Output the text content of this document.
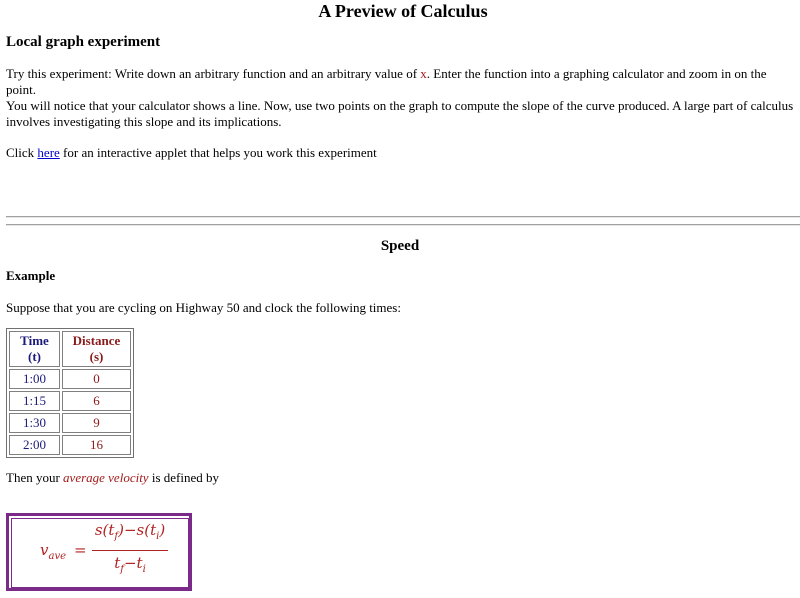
A Preview of Calculus
Local graph experiment
Try this experiment: Write down an arbitrary function and an arbitrary value of x. Enter the function into a graphing calculator and zoom in on the point.
You will notice that your calculator shows a line. Now, use two points on the graph to compute the slope of the curve produced. A large part of calculus
involves investigating this slope and its implications.
Click here for an interactive applet that helps you work this experiment
Speed
Example
Suppose that you are cycling on Highway 50 and clock the following times:
Time (t)	Distance (s)
1:00	0
1:15	6
1:30	9
2:00	16
Then your average velocity is defined by
$v_{ave}$ =
$s(t_f)-s(t_i)$
$t_f-t_i$
